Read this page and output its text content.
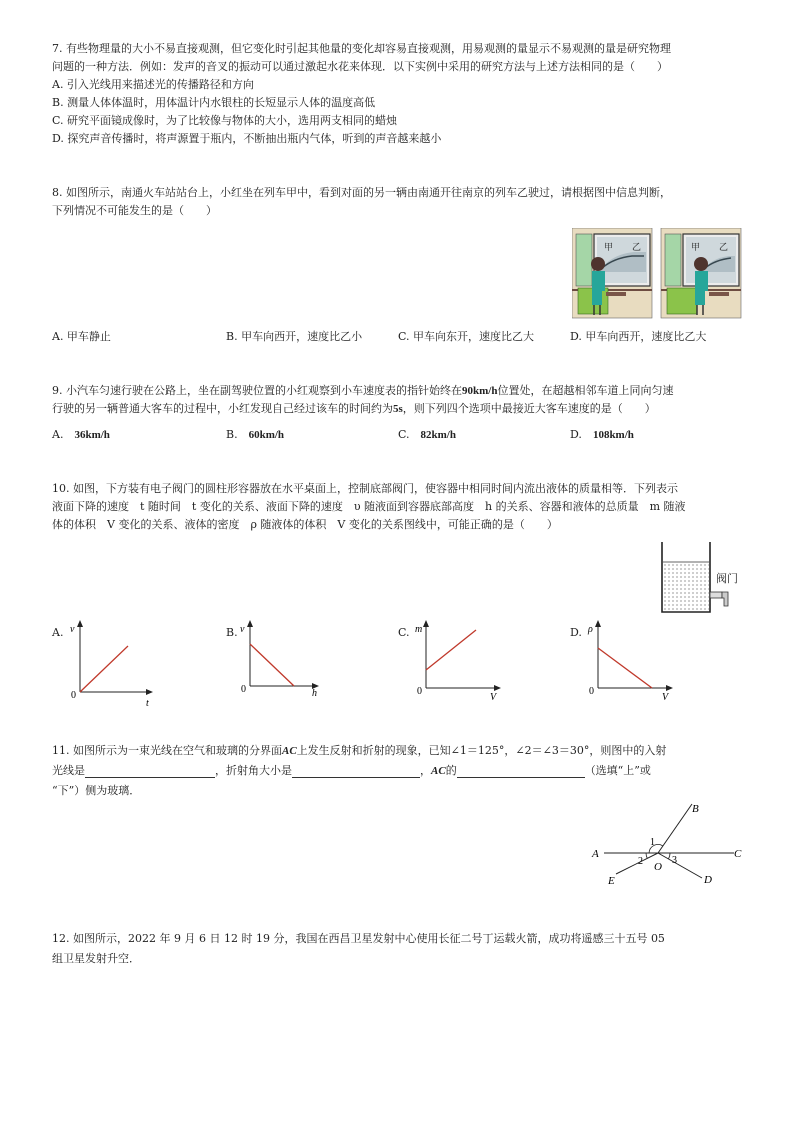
7. 有些物理量的大小不易直接观测，但它变化时引起其他量的变化却容易直接观测，用易观测的量显示不易观测的量是研究物理
问题的一种方法．例如：发声的音叉的振动可以通过激起水花来体现．以下实例中采用的研究方法与上述方法相同的是（　　）
A. 引入光线用来描述光的传播路径和方向
B. 测量人体体温时，用体温计内水银柱的长短显示人体的温度高低
C. 研究平面镜成像时，为了比较像与物体的大小，选用两支相同的蜡烛
D. 探究声音传播时，将声源置于瓶内，不断抽出瓶内气体，听到的声音越来越小
8. 如图所示，南通火车站站台上，小红坐在列车甲中，看到对面的另一辆由南通开往南京的列车乙驶过，请根据图中信息判断，
下列情况不可能发生的是（　　）
甲 乙	甲 乙
A. 甲车静止	B. 甲车向西开，速度比乙小	C. 甲车向东开，速度比乙大	D. 甲车向西开，速度比乙大
9. 小汽车匀速行驶在公路上，坐在副驾驶位置的小红观察到小车速度表的指针始终在90km/h位置处，在超越相邻车道上同向匀速
行驶的另一辆普通大客车的过程中，小红发现自己经过该车的时间约为5s，则下列四个选项中最接近大客车速度的是（　　）
A.　 36km/h	B.　 60km/h	C.　 82km/h	D.　 108km/h
10. 如图，下方装有电子阀门的圆柱形容器放在水平桌面上，控制底部阀门，使容器中相同时间内流出液体的质量相等．下列表示
液面下降的速度　t 随时间　t 变化的关系、液面下降的速度　υ 随液面到容器底部高度　h 的关系、容器和液体的总质量　m 随液
体的体积　V 变化的关系、液体的密度　ρ 随液体的体积　V 变化的关系图线中，可能正确的是（　　）
阀门
A. v
0
t
B. v
0	h
C. m
0
V
D. ρ
0
V
11. 如图所示为一束光线在空气和玻璃的分界面AC上发生反射和折射的现象，已知∠1＝125°，∠2＝∠3＝30°，则图中的入射
光线是	，折射角大小是	，AC的	（选填“上”或
“下”）侧为玻璃．
A
B
C
D
E
O
1
2	3
12. 如图所示，2022 年 9 月 6 日 12 时 19 分，我国在西昌卫星发射中心使用长征二号丁运载火箭，成功将遥感三十五号 05
组卫星发射升空．
